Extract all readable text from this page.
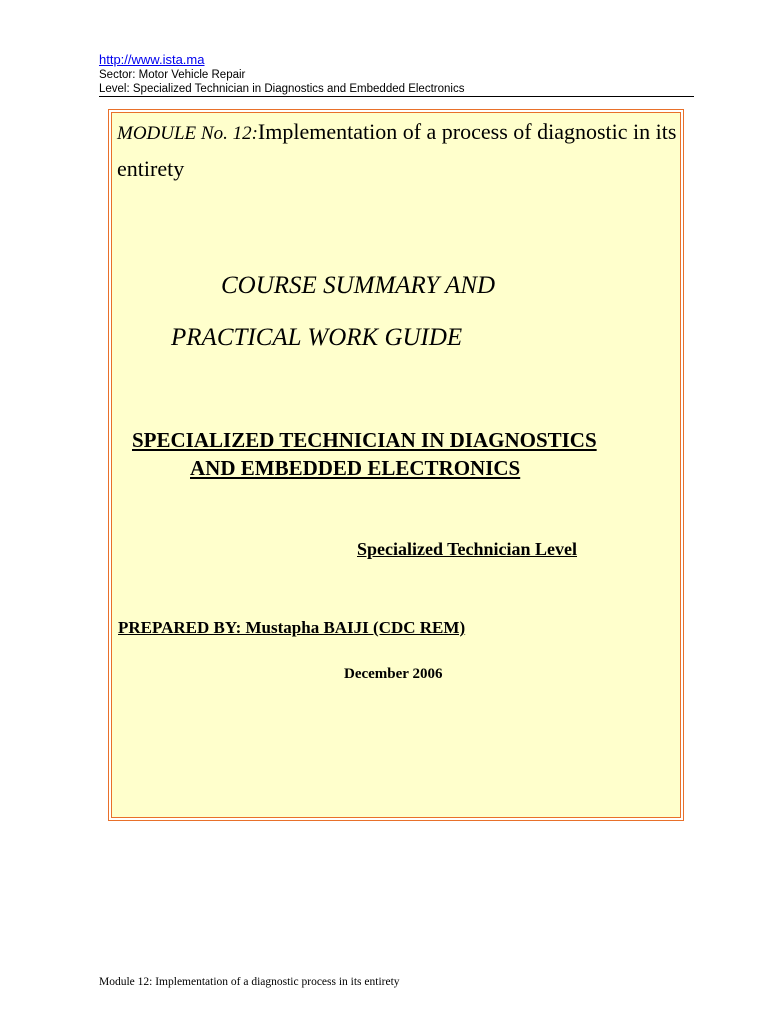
http://www.ista.ma
Sector: Motor Vehicle Repair
Level: Specialized Technician in Diagnostics and Embedded Electronics
MODULE No. 12:Implementation of a process of diagnostic in its entirety
COURSE SUMMARY AND
PRACTICAL WORK GUIDE
SPECIALIZED TECHNICIAN IN DIAGNOSTICS
AND EMBEDDED ELECTRONICS
Specialized Technician Level
PREPARED BY: Mustapha BAIJI (CDC REM)
December 2006
Module 12: Implementation of a diagnostic process in its entirety
